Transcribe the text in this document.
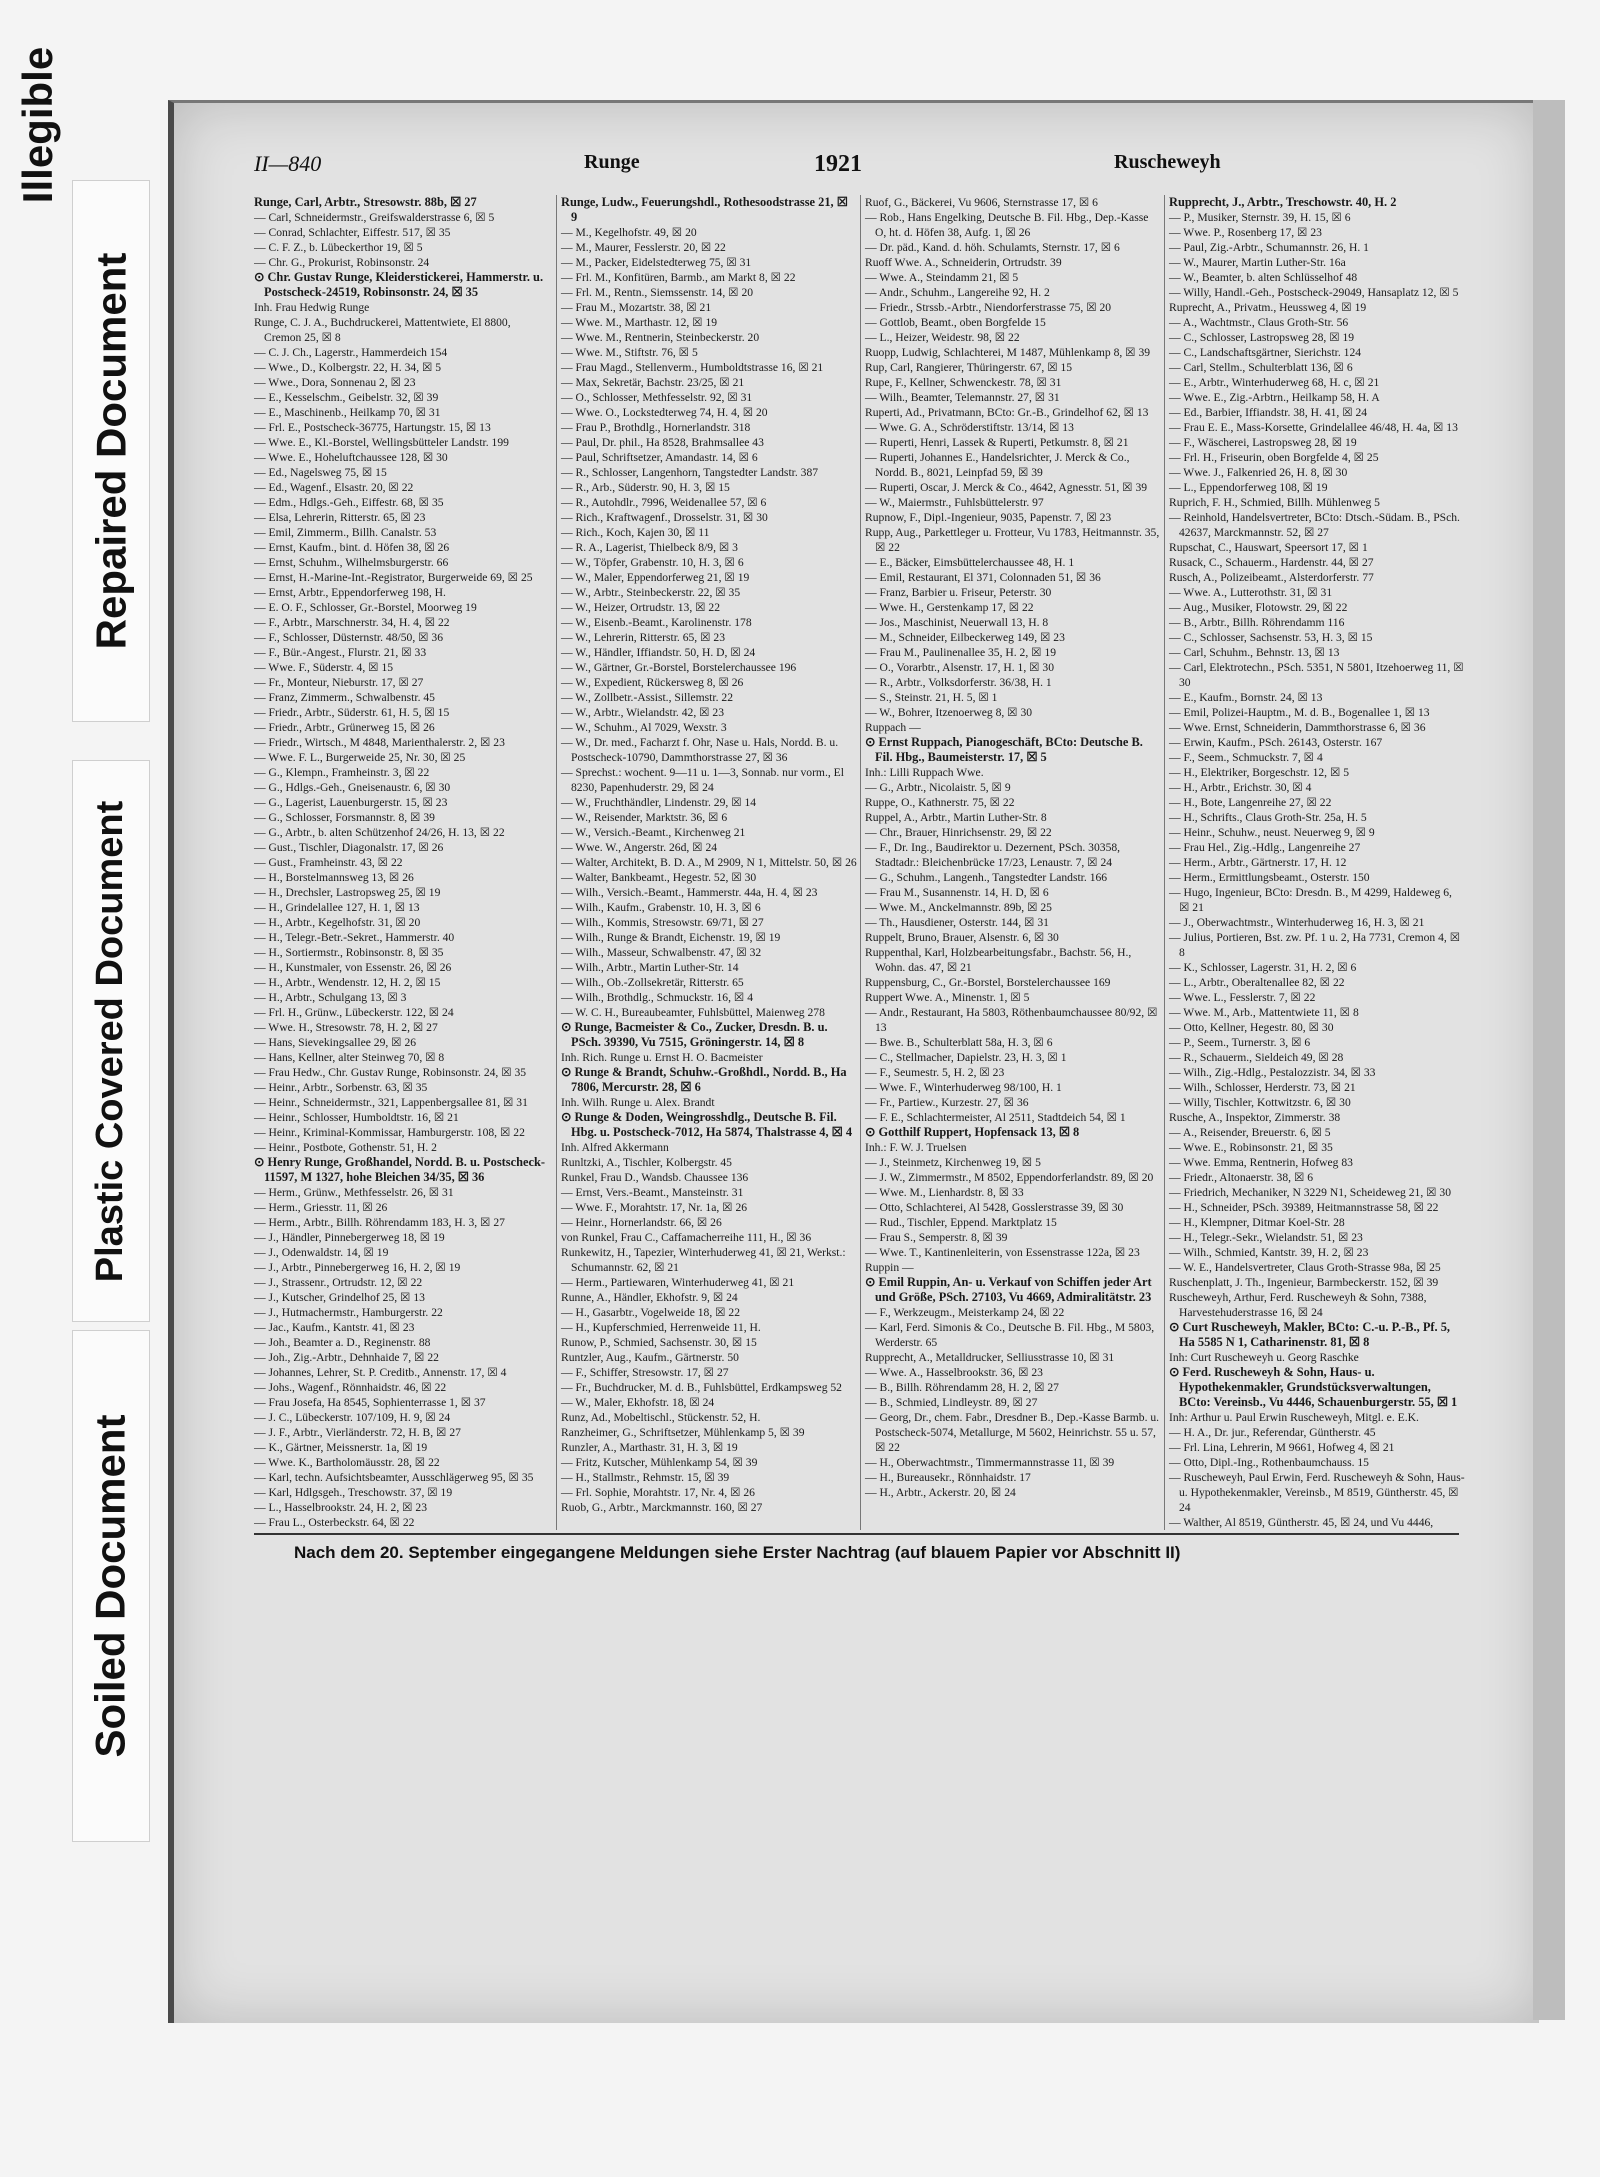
Illegible
Repaired Document
Plastic Covered Document
Soiled Document
II—840	Runge	1921	Ruscheweyh
Runge, Carl, Arbtr., Stresowstr. 88b, ☒ 27
— Carl, Schneidermstr., Greifswalderstrasse 6, ☒ 5
— Conrad, Schlachter, Eiffestr. 517, ☒ 35
— C. F. Z., b. Lübeckerthor 19, ☒ 5
— Chr. G., Prokurist, Robinsonstr. 24
⊙ Chr. Gustav Runge, Kleiderstickerei, Hammerstr. u. Postscheck-24519, Robinsonstr. 24, ☒ 35
Inh. Frau Hedwig Runge
Runge, C. J. A., Buchdruckerei, Mattentwiete, El 8800, Cremon 25, ☒ 8
— C. J. Ch., Lagerstr., Hammerdeich 154
— Wwe., D., Kolbergstr. 22, H. 34, ☒ 5
— Wwe., Dora, Sonnenau 2, ☒ 23
— E., Kesselschm., Geibelstr. 32, ☒ 39
— E., Maschinenb., Heilkamp 70, ☒ 31
— Frl. E., Postscheck-36775, Hartungstr. 15, ☒ 13
— Wwe. E., Kl.-Borstel, Wellingsbütteler Landstr. 199
— Wwe. E., Hoheluftchaussee 128, ☒ 30
— Ed., Nagelsweg 75, ☒ 15
— Ed., Wagenf., Elsastr. 20, ☒ 22
— Edm., Hdlgs.-Geh., Eiffestr. 68, ☒ 35
— Elsa, Lehrerin, Ritterstr. 65, ☒ 23
— Emil, Zimmerm., Billh. Canalstr. 53
— Ernst, Kaufm., bint. d. Höfen 38, ☒ 26
— Ernst, Schuhm., Wilhelmsburgerstr. 66
— Ernst, H.-Marine-Int.-Registrator, Burgerweide 69, ☒ 25
— Ernst, Arbtr., Eppendorferweg 198, H.
— E. O. F., Schlosser, Gr.-Borstel, Moorweg 19
— F., Arbtr., Marschnerstr. 34, H. 4, ☒ 22
— F., Schlosser, Düsternstr. 48/50, ☒ 36
— F., Bür.-Angest., Flurstr. 21, ☒ 33
— Wwe. F., Süderstr. 4, ☒ 15
— Fr., Monteur, Nieburstr. 17, ☒ 27
— Franz, Zimmerm., Schwalbenstr. 45
— Friedr., Arbtr., Süderstr. 61, H. 5, ☒ 15
— Friedr., Arbtr., Grünerweg 15, ☒ 26
— Friedr., Wirtsch., M 4848, Marienthalerstr. 2, ☒ 23
— Wwe. F. L., Burgerweide 25, Nr. 30, ☒ 25
— G., Klempn., Framheinstr. 3, ☒ 22
— G., Hdlgs.-Geh., Gneisenaustr. 6, ☒ 30
— G., Lagerist, Lauenburgerstr. 15, ☒ 23
— G., Schlosser, Forsmannstr. 8, ☒ 39
— G., Arbtr., b. alten Schützenhof 24/26, H. 13, ☒ 22
— Gust., Tischler, Diagonalstr. 17, ☒ 26
— Gust., Framheinstr. 43, ☒ 22
— H., Borstelmannsweg 13, ☒ 26
— H., Drechsler, Lastropsweg 25, ☒ 19
— H., Grindelallee 127, H. 1, ☒ 13
— H., Arbtr., Kegelhofstr. 31, ☒ 20
— H., Telegr.-Betr.-Sekret., Hammerstr. 40
— H., Sortiermstr., Robinsonstr. 8, ☒ 35
— H., Kunstmaler, von Essenstr. 26, ☒ 26
— H., Arbtr., Wendenstr. 12, H. 2, ☒ 15
— H., Arbtr., Schulgang 13, ☒ 3
— Frl. H., Grünw., Lübeckerstr. 122, ☒ 24
— Wwe. H., Stresowstr. 78, H. 2, ☒ 27
— Hans, Sievekingsallee 29, ☒ 26
— Hans, Kellner, alter Steinweg 70, ☒ 8
— Frau Hedw., Chr. Gustav Runge, Robinsonstr. 24, ☒ 35
— Heinr., Arbtr., Sorbenstr. 63, ☒ 35
— Heinr., Schneidermstr., 321, Lappenbergsallee 81, ☒ 31
— Heinr., Schlosser, Humboldtstr. 16, ☒ 21
— Heinr., Kriminal-Kommissar, Hamburgerstr. 108, ☒ 22
— Heinr., Postbote, Gothenstr. 51, H. 2
⊙ Henry Runge, Großhandel, Nordd. B. u. Postscheck-11597, M 1327, hohe Bleichen 34/35, ☒ 36
— Herm., Grünw., Methfesselstr. 26, ☒ 31
— Herm., Griesstr. 11, ☒ 26
— Herm., Arbtr., Billh. Röhrendamm 183, H. 3, ☒ 27
— J., Händler, Pinnebergerweg 18, ☒ 19
— J., Odenwaldstr. 14, ☒ 19
— J., Arbtr., Pinnebergerweg 16, H. 2, ☒ 19
— J., Strassenr., Ortrudstr. 12, ☒ 22
— J., Kutscher, Grindelhof 25, ☒ 13
— J., Hutmachermstr., Hamburgerstr. 22
— Jac., Kaufm., Kantstr. 41, ☒ 23
— Joh., Beamter a. D., Reginenstr. 88
— Joh., Zig.-Arbtr., Dehnhaide 7, ☒ 22
— Johannes, Lehrer, St. P. Creditb., Annenstr. 17, ☒ 4
— Johs., Wagenf., Rönnhaidstr. 46, ☒ 22
— Frau Josefa, Ha 8545, Sophienterrasse 1, ☒ 37
— J. C., Lübeckerstr. 107/109, H. 9, ☒ 24
— J. F., Arbtr., Vierländerstr. 72, H. B, ☒ 27
— K., Gärtner, Meissnerstr. 1a, ☒ 19
— Wwe. K., Bartholomäusstr. 28, ☒ 22
— Karl, techn. Aufsichtsbeamter, Ausschlägerweg 95, ☒ 35
— Karl, Hdlgsgeh., Treschowstr. 37, ☒ 19
— L., Hasselbrookstr. 24, H. 2, ☒ 23
— Frau L., Osterbeckstr. 64, ☒ 22
Runge, Ludw., Feuerungshdl., Rothesoodstrasse 21, ☒ 9
— M., Kegelhofstr. 49, ☒ 20
— M., Maurer, Fesslerstr. 20, ☒ 22
— M., Packer, Eidelstedterweg 75, ☒ 31
— Frl. M., Konfitüren, Barmb., am Markt 8, ☒ 22
— Frl. M., Rentn., Siemssenstr. 14, ☒ 20
— Frau M., Mozartstr. 38, ☒ 21
— Wwe. M., Marthastr. 12, ☒ 19
— Wwe. M., Rentnerin, Steinbeckerstr. 20
— Wwe. M., Stiftstr. 76, ☒ 5
— Frau Magd., Stellenverm., Humboldtstrasse 16, ☒ 21
— Max, Sekretär, Bachstr. 23/25, ☒ 21
— O., Schlosser, Methfesselstr. 92, ☒ 31
— Wwe. O., Lockstedterweg 74, H. 4, ☒ 20
— Frau P., Brothdlg., Hornerlandstr. 318
— Paul, Dr. phil., Ha 8528, Brahmsallee 43
— Paul, Schriftsetzer, Amandastr. 14, ☒ 6
— R., Schlosser, Langenhorn, Tangstedter Landstr. 387
— R., Arb., Süderstr. 90, H. 3, ☒ 15
— R., Autohdlr., 7996, Weidenallee 57, ☒ 6
— Rich., Kraftwagenf., Drosselstr. 31, ☒ 30
— Rich., Koch, Kajen 30, ☒ 11
— R. A., Lagerist, Thielbeck 8/9, ☒ 3
— W., Töpfer, Grabenstr. 10, H. 3, ☒ 6
— W., Maler, Eppendorferweg 21, ☒ 19
— W., Arbtr., Steinbeckerstr. 22, ☒ 35
— W., Heizer, Ortrudstr. 13, ☒ 22
— W., Eisenb.-Beamt., Karolinenstr. 178
— W., Lehrerin, Ritterstr. 65, ☒ 23
— W., Händler, Iffiandstr. 50, H. D, ☒ 24
— W., Gärtner, Gr.-Borstel, Borstelerchaussee 196
— W., Expedient, Rückersweg 8, ☒ 26
— W., Zollbetr.-Assist., Sillemstr. 22
— W., Arbtr., Wielandstr. 42, ☒ 23
— W., Schuhm., Al 7029, Wexstr. 3
— W., Dr. med., Facharzt f. Ohr, Nase u. Hals, Nordd. B. u. Postscheck-10790, Dammthorstrasse 27, ☒ 36
— Sprechst.: wochent. 9—11 u. 1—3, Sonnab. nur vorm., El 8230, Papenhuderstr. 29, ☒ 24
— W., Fruchthändler, Lindenstr. 29, ☒ 14
— W., Reisender, Marktstr. 36, ☒ 6
— W., Versich.-Beamt., Kirchenweg 21
— Wwe. W., Angerstr. 26d, ☒ 24
— Walter, Architekt, B. D. A., M 2909, N 1, Mittelstr. 50, ☒ 26
— Walter, Bankbeamt., Hegestr. 52, ☒ 30
— Wilh., Versich.-Beamt., Hammerstr. 44a, H. 4, ☒ 23
— Wilh., Kaufm., Grabenstr. 10, H. 3, ☒ 6
— Wilh., Kommis, Stresowstr. 69/71, ☒ 27
— Wilh., Runge & Brandt, Eichenstr. 19, ☒ 19
— Wilh., Masseur, Schwalbenstr. 47, ☒ 32
— Wilh., Arbtr., Martin Luther-Str. 14
— Wilh., Ob.-Zollsekretär, Ritterstr. 65
— Wilh., Brothdlg., Schmuckstr. 16, ☒ 4
— W. C. H., Bureaubeamter, Fuhlsbüttel, Maienweg 278
⊙ Runge, Bacmeister & Co., Zucker, Dresdn. B. u. PSch. 39390, Vu 7515, Gröningerstr. 14, ☒ 8
Inh. Rich. Runge u. Ernst H. O. Bacmeister
⊙ Runge & Brandt, Schuhw.-Großhdl., Nordd. B., Ha 7806, Mercurstr. 28, ☒ 6
Inh. Wilh. Runge u. Alex. Brandt
⊙ Runge & Doden, Weingrosshdlg., Deutsche B. Fil. Hbg. u. Postscheck-7012, Ha 5874, Thalstrasse 4, ☒ 4
Inh. Alfred Akkermann
Runltzki, A., Tischler, Kolbergstr. 45
Runkel, Frau D., Wandsb. Chaussee 136
— Ernst, Vers.-Beamt., Mansteinstr. 31
— Wwe. F., Morahtstr. 17, Nr. 1a, ☒ 26
— Heinr., Hornerlandstr. 66, ☒ 26
von Runkel, Frau C., Caffamacherreihe 111, H., ☒ 36
Runkewitz, H., Tapezier, Winterhuderweg 41, ☒ 21, Werkst.: Schumannstr. 62, ☒ 21
— Herm., Partiewaren, Winterhuderweg 41, ☒ 21
Runne, A., Händler, Ekhofstr. 9, ☒ 24
— H., Gasarbtr., Vogelweide 18, ☒ 22
— H., Kupferschmied, Herrenweide 11, H.
Runow, P., Schmied, Sachsenstr. 30, ☒ 15
Runtzler, Aug., Kaufm., Gärtnerstr. 50
— F., Schiffer, Stresowstr. 17, ☒ 27
— Fr., Buchdrucker, M. d. B., Fuhlsbüttel, Erdkampsweg 52
— W., Maler, Ekhofstr. 18, ☒ 24
Runz, Ad., Mobeltischl., Stückenstr. 52, H.
Ranzheimer, G., Schriftsetzer, Mühlenkamp 5, ☒ 39
Runzler, A., Marthastr. 31, H. 3, ☒ 19
— Fritz, Kutscher, Mühlenkamp 54, ☒ 39
— H., Stallmstr., Rehmstr. 15, ☒ 39
— Frl. Sophie, Morahtstr. 17, Nr. 4, ☒ 26
Ruob, G., Arbtr., Marckmannstr. 160, ☒ 27
Ruof, G., Bäckerei, Vu 9606, Sternstrasse 17, ☒ 6
— Rob., Hans Engelking, Deutsche B. Fil. Hbg., Dep.-Kasse O, ht. d. Höfen 38, Aufg. 1, ☒ 26
— Dr. päd., Kand. d. höh. Schulamts, Sternstr. 17, ☒ 6
Ruoff Wwe. A., Schneiderin, Ortrudstr. 39
— Wwe. A., Steindamm 21, ☒ 5
— Andr., Schuhm., Langereihe 92, H. 2
— Friedr., Strssb.-Arbtr., Niendorferstrasse 75, ☒ 20
— Gottlob, Beamt., oben Borgfelde 15
— L., Heizer, Weidestr. 98, ☒ 22
Ruopp, Ludwig, Schlachterei, M 1487, Mühlenkamp 8, ☒ 39
Rup, Carl, Rangierer, Thüringerstr. 67, ☒ 15
Rupe, F., Kellner, Schwenckestr. 78, ☒ 31
— Wilh., Beamter, Telemannstr. 27, ☒ 31
Ruperti, Ad., Privatmann, BCto: Gr.-B., Grindelhof 62, ☒ 13
— Wwe. G. A., Schröderstiftstr. 13/14, ☒ 13
— Ruperti, Henri, Lassek & Ruperti, Petkumstr. 8, ☒ 21
— Ruperti, Johannes E., Handelsrichter, J. Merck & Co., Nordd. B., 8021, Leinpfad 59, ☒ 39
— Ruperti, Oscar, J. Merck & Co., 4642, Agnesstr. 51, ☒ 39
— W., Maiermstr., Fuhlsbüttelerstr. 97
Rupnow, F., Dipl.-Ingenieur, 9035, Papenstr. 7, ☒ 23
Rupp, Aug., Parkettleger u. Frotteur, Vu 1783, Heitmannstr. 35, ☒ 22
— E., Bäcker, Eimsbüttelerchaussee 48, H. 1
— Emil, Restaurant, El 371, Colonnaden 51, ☒ 36
— Franz, Barbier u. Friseur, Peterstr. 30
— Wwe. H., Gerstenkamp 17, ☒ 22
— Jos., Maschinist, Neuerwall 13, H. 8
— M., Schneider, Eilbeckerweg 149, ☒ 23
— Frau M., Paulinenallee 35, H. 2, ☒ 19
— O., Vorarbtr., Alsenstr. 17, H. 1, ☒ 30
— R., Arbtr., Volksdorferstr. 36/38, H. 1
— S., Steinstr. 21, H. 5, ☒ 1
— W., Bohrer, Itzenoerweg 8, ☒ 30
Ruppach —
⊙ Ernst Ruppach, Pianogeschäft, BCto: Deutsche B. Fil. Hbg., Baumeisterstr. 17, ☒ 5
Inh.: Lilli Ruppach Wwe.
— G., Arbtr., Nicolaistr. 5, ☒ 9
Ruppe, O., Kathnerstr. 75, ☒ 22
Ruppel, A., Arbtr., Martin Luther-Str. 8
— Chr., Brauer, Hinrichsenstr. 29, ☒ 22
— F., Dr. Ing., Baudirektor u. Dezernent, PSch. 30358, Stadtadr.: Bleichenbrücke 17/23, Lenaustr. 7, ☒ 24
— G., Schuhm., Langenh., Tangstedter Landstr. 166
— Frau M., Susannenstr. 14, H. D, ☒ 6
— Wwe. M., Anckelmannstr. 89b, ☒ 25
— Th., Hausdiener, Osterstr. 144, ☒ 31
Ruppelt, Bruno, Brauer, Alsenstr. 6, ☒ 30
Ruppenthal, Karl, Holzbearbeitungsfabr., Bachstr. 56, H., Wohn. das. 47, ☒ 21
Ruppensburg, C., Gr.-Borstel, Borstelerchaussee 169
Ruppert Wwe. A., Minenstr. 1, ☒ 5
— Andr., Restaurant, Ha 5803, Röthenbaumchaussee 80/92, ☒ 13
— Bwe. B., Schulterblatt 58a, H. 3, ☒ 6
— C., Stellmacher, Dapielstr. 23, H. 3, ☒ 1
— F., Seumestr. 5, H. 2, ☒ 23
— Wwe. F., Winterhuderweg 98/100, H. 1
— Fr., Partiew., Kurzestr. 27, ☒ 36
— F. E., Schlachtermeister, Al 2511, Stadtdeich 54, ☒ 1
⊙ Gotthilf Ruppert, Hopfensack 13, ☒ 8
Inh.: F. W. J. Truelsen
— J., Steinmetz, Kirchenweg 19, ☒ 5
— J. W., Zimmermstr., M 8502, Eppendorferlandstr. 89, ☒ 20
— Wwe. M., Lienhardstr. 8, ☒ 33
— Otto, Schlachterei, Al 5428, Gosslerstrasse 39, ☒ 30
— Rud., Tischler, Eppend. Marktplatz 15
— Frau S., Semperstr. 8, ☒ 39
— Wwe. T., Kantinenleiterin, von Essenstrasse 122a, ☒ 23
Ruppin —
⊙ Emil Ruppin, An- u. Verkauf von Schiffen jeder Art und Größe, PSch. 27103, Vu 4669, Admiralitätstr. 23
— F., Werkzeugm., Meisterkamp 24, ☒ 22
— Karl, Ferd. Simonis & Co., Deutsche B. Fil. Hbg., M 5803, Werderstr. 65
Rupprecht, A., Metalldrucker, Selliusstrasse 10, ☒ 31
— Wwe. A., Hasselbrookstr. 36, ☒ 23
— B., Billh. Röhrendamm 28, H. 2, ☒ 27
— B., Schmied, Lindleystr. 89, ☒ 27
— Georg, Dr., chem. Fabr., Dresdner B., Dep.-Kasse Barmb. u. Postscheck-5074, Metallurge, M 5602, Heinrichstr. 55 u. 57, ☒ 22
— H., Oberwachtmstr., Timmermannstrasse 11, ☒ 39
— H., Bureausekr., Rönnhaidstr. 17
— H., Arbtr., Ackerstr. 20, ☒ 24
Rupprecht, J., Arbtr., Treschowstr. 40, H. 2
— P., Musiker, Sternstr. 39, H. 15, ☒ 6
— Wwe. P., Rosenberg 17, ☒ 23
— Paul, Zig.-Arbtr., Schumannstr. 26, H. 1
— W., Maurer, Martin Luther-Str. 16a
— W., Beamter, b. alten Schlüsselhof 48
— Willy, Handl.-Geh., Postscheck-29049, Hansaplatz 12, ☒ 5
Ruprecht, A., Privatm., Heussweg 4, ☒ 19
— A., Wachtmstr., Claus Groth-Str. 56
— C., Schlosser, Lastropsweg 28, ☒ 19
— C., Landschaftsgärtner, Sierichstr. 124
— Carl, Stellm., Schulterblatt 136, ☒ 6
— E., Arbtr., Winterhuderweg 68, H. c, ☒ 21
— Wwe. E., Zig.-Arbtrn., Heilkamp 58, H. A
— Ed., Barbier, Iffiandstr. 38, H. 41, ☒ 24
— Frau E. E., Mass-Korsette, Grindelallee 46/48, H. 4a, ☒ 13
— F., Wäscherei, Lastropsweg 28, ☒ 19
— Frl. H., Friseurin, oben Borgfelde 4, ☒ 25
— Wwe. J., Falkenried 26, H. 8, ☒ 30
— L., Eppendorferweg 108, ☒ 19
Ruprich, F. H., Schmied, Billh. Mühlenweg 5
— Reinhold, Handelsvertreter, BCto: Dtsch.-Südam. B., PSch. 42637, Marckmannstr. 52, ☒ 27
Rupschat, C., Hauswart, Speersort 17, ☒ 1
Rusack, C., Schauerm., Hardenstr. 44, ☒ 27
Rusch, A., Polizeibeamt., Alsterdorferstr. 77
— Wwe. A., Lutterothstr. 31, ☒ 31
— Aug., Musiker, Flotowstr. 29, ☒ 22
— B., Arbtr., Billh. Röhrendamm 116
— C., Schlosser, Sachsenstr. 53, H. 3, ☒ 15
— Carl, Schuhm., Behnstr. 13, ☒ 13
— Carl, Elektrotechn., PSch. 5351, N 5801, Itzehoerweg 11, ☒ 30
— E., Kaufm., Bornstr. 24, ☒ 13
— Emil, Polizei-Hauptm., M. d. B., Bogenallee 1, ☒ 13
— Wwe. Ernst, Schneiderin, Dammthorstrasse 6, ☒ 36
— Erwin, Kaufm., PSch. 26143, Osterstr. 167
— F., Seem., Schmuckstr. 7, ☒ 4
— H., Elektriker, Borgeschstr. 12, ☒ 5
— H., Arbtr., Erichstr. 30, ☒ 4
— H., Bote, Langenreihe 27, ☒ 22
— H., Schrifts., Claus Groth-Str. 25a, H. 5
— Heinr., Schuhw., neust. Neuerweg 9, ☒ 9
— Frau Hel., Zig.-Hdlg., Langenreihe 27
— Herm., Arbtr., Gärtnerstr. 17, H. 12
— Herm., Ermittlungsbeamt., Osterstr. 150
— Hugo, Ingenieur, BCto: Dresdn. B., M 4299, Haldeweg 6, ☒ 21
— J., Oberwachtmstr., Winterhuderweg 16, H. 3, ☒ 21
— Julius, Portieren, Bst. zw. Pf. 1 u. 2, Ha 7731, Cremon 4, ☒ 8
— K., Schlosser, Lagerstr. 31, H. 2, ☒ 6
— L., Arbtr., Oberaltenallee 82, ☒ 22
— Wwe. L., Fesslerstr. 7, ☒ 22
— Wwe. M., Arb., Mattentwiete 11, ☒ 8
— Otto, Kellner, Hegestr. 80, ☒ 30
— P., Seem., Turnerstr. 3, ☒ 6
— R., Schauerm., Sieldeich 49, ☒ 28
— Wilh., Zig.-Hdlg., Pestalozzistr. 34, ☒ 33
— Wilh., Schlosser, Herderstr. 73, ☒ 21
— Willy, Tischler, Kottwitzstr. 6, ☒ 30
Rusche, A., Inspektor, Zimmerstr. 38
— A., Reisender, Breuerstr. 6, ☒ 5
— Wwe. E., Robinsonstr. 21, ☒ 35
— Wwe. Emma, Rentnerin, Hofweg 83
— Friedr., Altonaerstr. 38, ☒ 6
— Friedrich, Mechaniker, N 3229 N1, Scheideweg 21, ☒ 30
— H., Schneider, PSch. 39389, Heitmannstrasse 58, ☒ 22
— H., Klempner, Ditmar Koel-Str. 28
— H., Telegr.-Sekr., Wielandstr. 51, ☒ 23
— Wilh., Schmied, Kantstr. 39, H. 2, ☒ 23
— W. E., Handelsvertreter, Claus Groth-Strasse 98a, ☒ 25
Ruschenplatt, J. Th., Ingenieur, Barmbeckerstr. 152, ☒ 39
Ruscheweyh, Arthur, Ferd. Ruscheweyh & Sohn, 7388, Harvestehuderstrasse 16, ☒ 24
⊙ Curt Ruscheweyh, Makler, BCto: C.-u. P.-B., Pf. 5, Ha 5585 N 1, Catharinenstr. 81, ☒ 8
Inh: Curt Ruscheweyh u. Georg Raschke
⊙ Ferd. Ruscheweyh & Sohn, Haus- u. Hypothekenmakler, Grundstücksverwaltungen, BCto: Vereinsb., Vu 4446, Schauenburgerstr. 55, ☒ 1
Inh: Arthur u. Paul Erwin Ruscheweyh, Mitgl. e. E.K.
— H. A., Dr. jur., Referendar, Güntherstr. 45
— Frl. Lina, Lehrerin, M 9661, Hofweg 4, ☒ 21
— Otto, Dipl.-Ing., Rothenbaumchauss. 15
— Ruscheweyh, Paul Erwin, Ferd. Ruscheweyh & Sohn, Haus- u. Hypothekenmakler, Vereinsb., M 8519, Güntherstr. 45, ☒ 24
— Walther, Al 8519, Güntherstr. 45, ☒ 24, und Vu 4446,
Nach dem 20. September eingegangene Meldungen siehe Erster Nachtrag (auf blauem Papier vor Abschnitt II)
